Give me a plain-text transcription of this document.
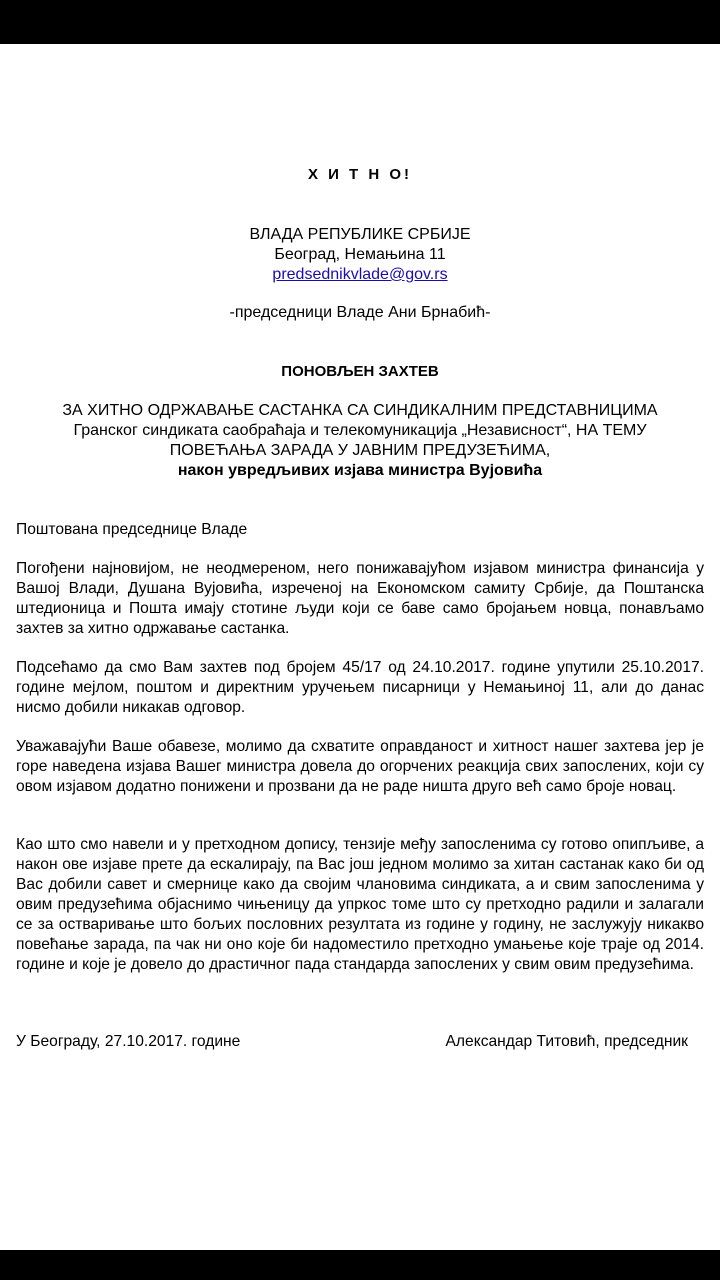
Х И Т Н О!
ВЛАДА РЕПУБЛИКЕ СРБИЈЕ
Београд, Немањина 11
predsednikvlade@gov.rs
-председници Владе Ани Брнабић-
ПОНОВЉЕН ЗАХТЕВ
ЗА ХИТНО ОДРЖАВАЊЕ САСТАНКА СА СИНДИКАЛНИМ ПРЕДСТАВНИЦИМА
Гранског синдиката саобраћаја и телекомуникација „Независност“, НА ТЕМУ
ПОВЕЋАЊА ЗАРАДА У ЈАВНИМ ПРЕДУЗЕЋИМА,
након увредљивих изјава министра Вујовића
Поштована председнице Владе

Погођени најновијом, не неодмереном, него понижавајућом изјавом министра финансија у Вашој Влади, Душана Вујовића, изреченој на Економском самиту Србије, да Поштанска штедионица и Пошта имају стотине људи који се баве само бројањем новца, понављамо захтев за хитно одржавање састанка.

Подсећамо да смо Вам захтев под бројем 45/17 од 24.10.2017. године упутили 25.10.2017. године мејлом, поштом и директним уручењем писарници у Немањиној 11, али до данас нисмо добили никакав одговор.

Уважавајући Ваше обавезе, молимо да схватите оправданост и хитност нашег захтева јер је горе наведена изјава Вашег министра довела до огорчених реакција свих запослених, који су овом изјавом додатно понижени и прозвани да не раде ништа друго већ само броје новац.

Као што смо навели и у претходном допису, тензије међу запосленима су готово опипљиве, а након ове изјаве прете да ескалирају, па Вас још једном молимо за хитан састанак како би од Вас добили савет и смернице како да својим члановима синдиката, а и свим запосленима у овим предузећима објаснимо чињеницу да упркос томе што су претходно радили и залагали се за остваривање што бољих пословних резултата из године у годину, не заслужују никакво повећање зарада, па чак ни оно које би надоместило претходно умањење које траје од 2014. године и које је довело до драстичног пада стандарда запослених у свим овим предузећима.

У Београду, 27.10.2017. године	Александар Титовић, председник
